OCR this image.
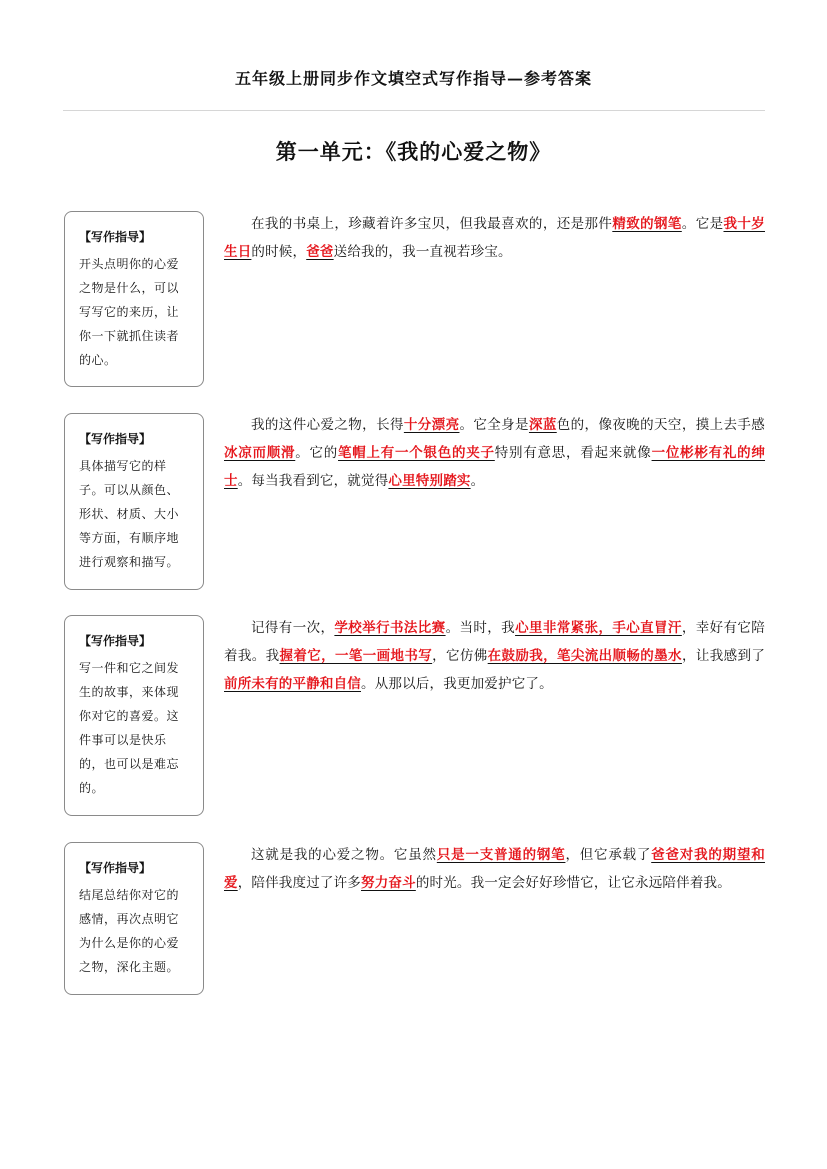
五年级上册同步作文填空式写作指导—参考答案
第一单元：《我的心爱之物》
【写作指导】
开头点明你的心爱之物是什么，可以写写它的来历，让你一下就抓住读者的心。
在我的书桌上，珍藏着许多宝贝，但我最喜欢的，还是那件精致的钢笔。它是我十岁生日的时候，爸爸送给我的，我一直视若珍宝。
【写作指导】
具体描写它的样子。可以从颜色、形状、材质、大小等方面，有顺序地进行观察和描写。
我的这件心爱之物，长得十分漂亮。它全身是深蓝色的，像夜晚的天空，摸上去手感冰凉而顺滑。它的笔帽上有一个银色的夹子特别有意思，看起来就像一位彬彬有礼的绅士。每当我看到它，就觉得心里特别踏实。
【写作指导】
写一件和它之间发生的故事，来体现你对它的喜爱。这件事可以是快乐的，也可以是难忘的。
记得有一次，学校举行书法比赛。当时，我心里非常紧张，手心直冒汗，幸好有它陪着我。我握着它，一笔一画地书写，它仿佛在鼓励我，笔尖流出顺畅的墨水，让我感到了前所未有的平静和自信。从那以后，我更加爱护它了。
【写作指导】
结尾总结你对它的感情，再次点明它为什么是你的心爱之物，深化主题。
这就是我的心爱之物。它虽然只是一支普通的钢笔，但它承载了爸爸对我的期望和爱，陪伴我度过了许多努力奋斗的时光。我一定会好好珍惜它，让它永远陪伴着我。
